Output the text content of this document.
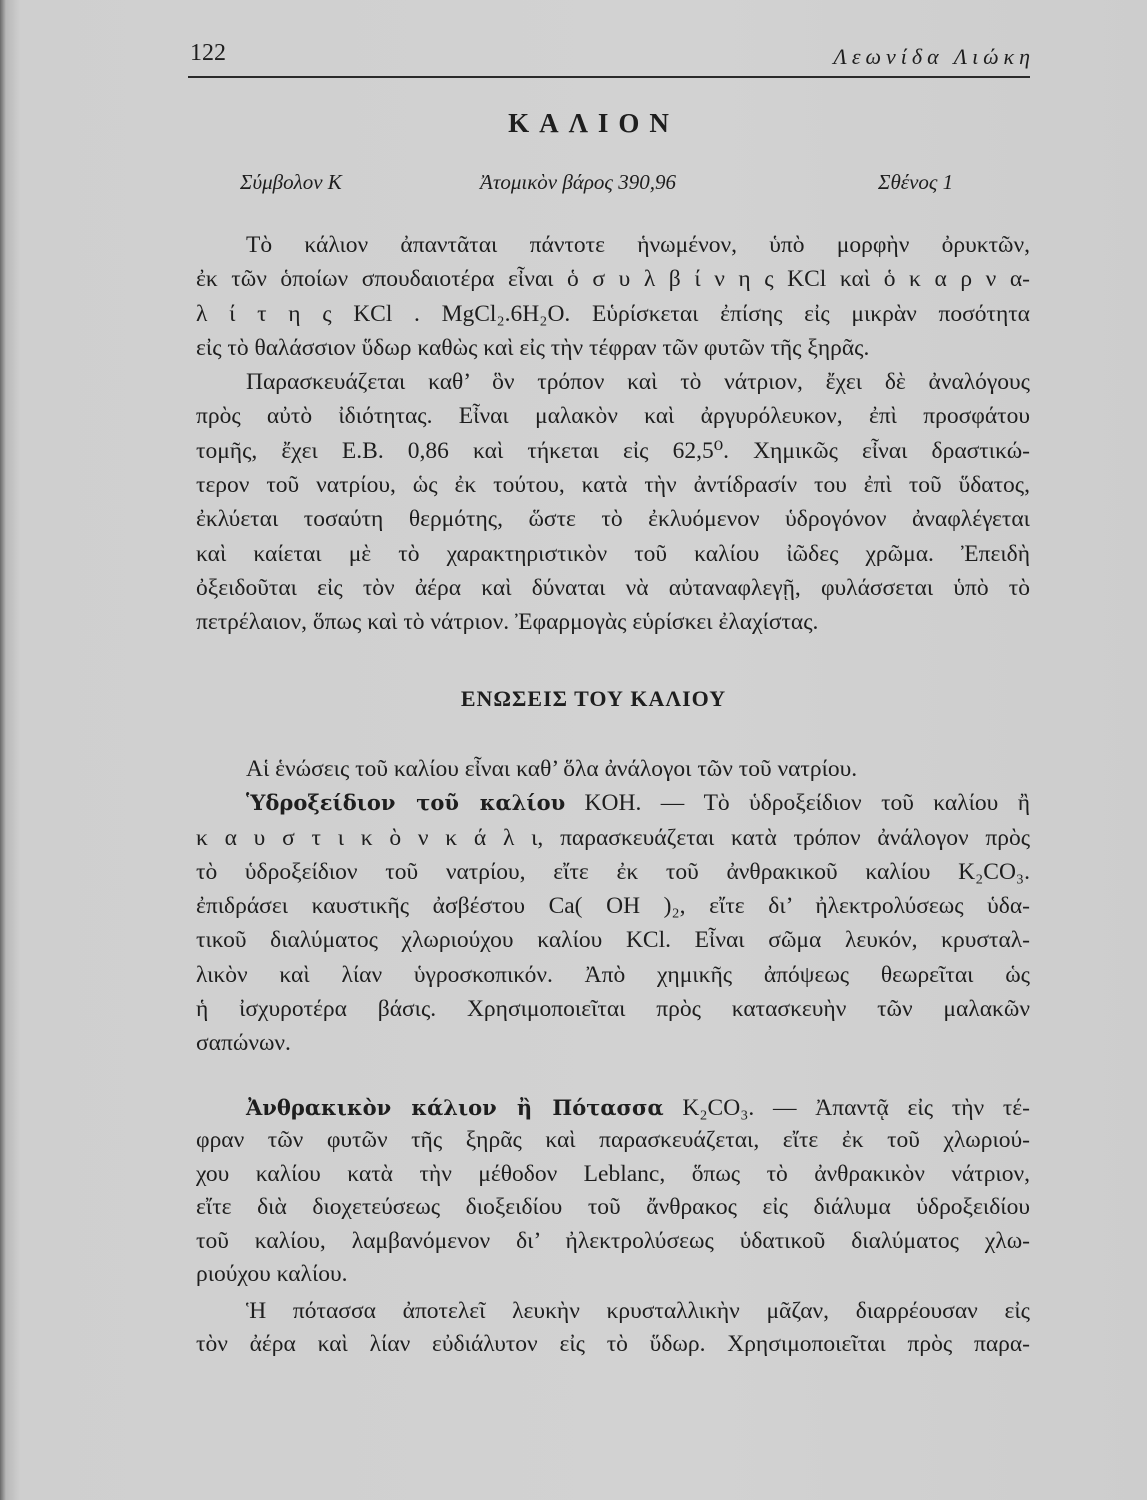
122	Λεωνίδα Λιώκη
ΚΑΛΙΟΝ
Σύμβολον Κ	Ἀτομικὸν βάρος 390,96	Σθένος 1
Τὸ κάλιον ἀπαντᾶται πάντοτε ἡνωμένον, ὑπὸ μορφὴν ὀρυκτῶν,
ἐκ τῶν ὁποίων σπουδαιοτέρα εἶναι ὁ σ υ λ β ί ν η ς KCl καὶ ὁ κ α ρ ν α-
λ ί τ η ς KCl . MgCl₂.6H₂O. Εὑρίσκεται ἐπίσης εἰς μικρὰν ποσότητα
εἰς τὸ θαλάσσιον ὕδωρ καθὼς καὶ εἰς τὴν τέφραν τῶν φυτῶν τῆς ξηρᾶς.
Παρασκευάζεται καθ’ ὃν τρόπον καὶ τὸ νάτριον, ἔχει δὲ ἀναλόγους
πρὸς αὐτὸ ἰδιότητας. Εἶναι μαλακὸν καὶ ἀργυρόλευκον, ἐπὶ προσφάτου
τομῆς, ἔχει Ε.Β. 0,86 καὶ τήκεται εἰς 62,5⁰. Χημικῶς εἶναι δραστικώ-
τερον τοῦ νατρίου, ὡς ἐκ τούτου, κατὰ τὴν ἀντίδρασίν του ἐπὶ τοῦ ὕδατος,
ἐκλύεται τοσαύτη θερμότης, ὥστε τὸ ἐκλυόμενον ὑδρογόνον ἀναφλέγεται
καὶ καίεται μὲ τὸ χαρακτηριστικὸν τοῦ καλίου ἰῶδες χρῶμα. Ἐπειδὴ
ὀξειδοῦται εἰς τὸν ἀέρα καὶ δύναται νὰ αὐταναφλεγῇ, φυλάσσεται ὑπὸ τὸ
πετρέλαιον, ὅπως καὶ τὸ νάτριον. Ἐφαρμογὰς εὑρίσκει ἐλαχίστας.
ΕΝΩΣΕΙΣ ΤΟΥ ΚΑΛΙΟΥ
Αἱ ἑνώσεις τοῦ καλίου εἶναι καθ’ ὅλα ἀνάλογοι τῶν τοῦ νατρίου.
Ὑδροξείδιον τοῦ καλίου KOH. — Τὸ ὑδροξείδιον τοῦ καλίου ἢ
κ α υ σ τ ι κ ὸ ν κ ά λ ι, παρασκευάζεται κατὰ τρόπον ἀνάλογον πρὸς
τὸ ὑδροξείδιον τοῦ νατρίου, εἴτε ἐκ τοῦ ἀνθρακικοῦ καλίου K₂CO₃.
ἐπιδράσει καυστικῆς ἀσβέστου Ca( OH )₂, εἴτε δι’ ἠλεκτρολύσεως ὑδα-
τικοῦ διαλύματος χλωριούχου καλίου KCl. Εἶναι σῶμα λευκόν, κρυσταλ-
λικὸν καὶ λίαν ὑγροσκοπικόν. Ἀπὸ χημικῆς ἀπόψεως θεωρεῖται ὡς
ἡ ἰσχυροτέρα βάσις. Χρησιμοποιεῖται πρὸς κατασκευὴν τῶν μαλακῶν
σαπώνων.
Ἀνθρακικὸν κάλιον ἢ Πότασσα K₂CO₃. — Ἀπαντᾷ εἰς τὴν τέ-
φραν τῶν φυτῶν τῆς ξηρᾶς καὶ παρασκευάζεται, εἴτε ἐκ τοῦ χλωριού-
χου καλίου κατὰ τὴν μέθοδον Leblanc, ὅπως τὸ ἀνθρακικὸν νάτριον,
εἴτε διὰ διοχετεύσεως διοξειδίου τοῦ ἄνθρακος εἰς διάλυμα ὑδροξειδίου
τοῦ καλίου, λαμβανόμενον δι’ ἠλεκτρολύσεως ὑδατικοῦ διαλύματος χλω-
ριούχου καλίου.
Ἡ πότασσα ἀποτελεῖ λευκὴν κρυσταλλικὴν μᾶζαν, διαρρέουσαν εἰς
τὸν ἀέρα καὶ λίαν εὐδιάλυτον εἰς τὸ ὕδωρ. Χρησιμοποιεῖται πρὸς παρα-
